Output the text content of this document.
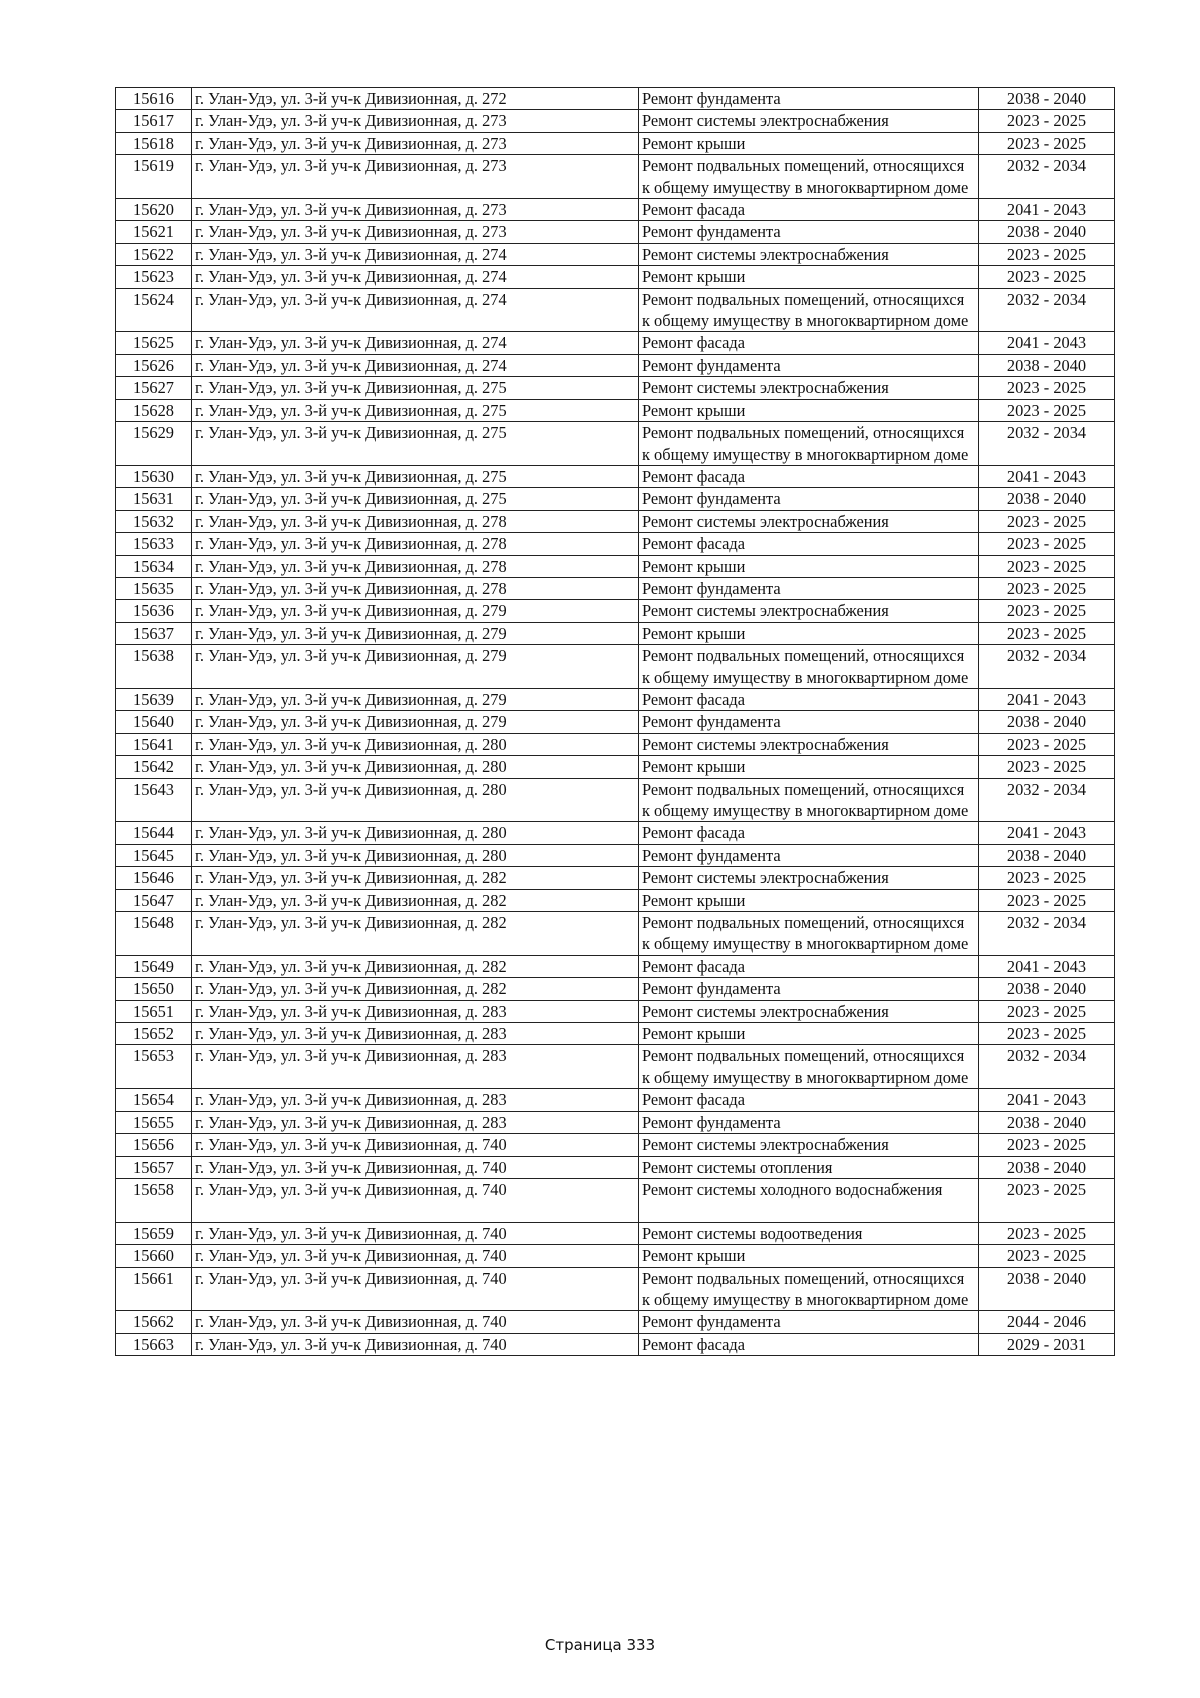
15616	г. Улан-Удэ, ул. 3-й уч-к Дивизионная, д. 272	Ремонт фундамента	2038 - 2040
15617	г. Улан-Удэ, ул. 3-й уч-к Дивизионная, д. 273	Ремонт системы электроснабжения	2023 - 2025
15618	г. Улан-Удэ, ул. 3-й уч-к Дивизионная, д. 273	Ремонт крыши	2023 - 2025
15619	г. Улан-Удэ, ул. 3-й уч-к Дивизионная, д. 273	Ремонт подвальных помещений, относящихся к общему имуществу в многоквартирном доме	2032 - 2034
15620	г. Улан-Удэ, ул. 3-й уч-к Дивизионная, д. 273	Ремонт фасада	2041 - 2043
15621	г. Улан-Удэ, ул. 3-й уч-к Дивизионная, д. 273	Ремонт фундамента	2038 - 2040
15622	г. Улан-Удэ, ул. 3-й уч-к Дивизионная, д. 274	Ремонт системы электроснабжения	2023 - 2025
15623	г. Улан-Удэ, ул. 3-й уч-к Дивизионная, д. 274	Ремонт крыши	2023 - 2025
15624	г. Улан-Удэ, ул. 3-й уч-к Дивизионная, д. 274	Ремонт подвальных помещений, относящихся к общему имуществу в многоквартирном доме	2032 - 2034
15625	г. Улан-Удэ, ул. 3-й уч-к Дивизионная, д. 274	Ремонт фасада	2041 - 2043
15626	г. Улан-Удэ, ул. 3-й уч-к Дивизионная, д. 274	Ремонт фундамента	2038 - 2040
15627	г. Улан-Удэ, ул. 3-й уч-к Дивизионная, д. 275	Ремонт системы электроснабжения	2023 - 2025
15628	г. Улан-Удэ, ул. 3-й уч-к Дивизионная, д. 275	Ремонт крыши	2023 - 2025
15629	г. Улан-Удэ, ул. 3-й уч-к Дивизионная, д. 275	Ремонт подвальных помещений, относящихся к общему имуществу в многоквартирном доме	2032 - 2034
15630	г. Улан-Удэ, ул. 3-й уч-к Дивизионная, д. 275	Ремонт фасада	2041 - 2043
15631	г. Улан-Удэ, ул. 3-й уч-к Дивизионная, д. 275	Ремонт фундамента	2038 - 2040
15632	г. Улан-Удэ, ул. 3-й уч-к Дивизионная, д. 278	Ремонт системы электроснабжения	2023 - 2025
15633	г. Улан-Удэ, ул. 3-й уч-к Дивизионная, д. 278	Ремонт фасада	2023 - 2025
15634	г. Улан-Удэ, ул. 3-й уч-к Дивизионная, д. 278	Ремонт крыши	2023 - 2025
15635	г. Улан-Удэ, ул. 3-й уч-к Дивизионная, д. 278	Ремонт фундамента	2023 - 2025
15636	г. Улан-Удэ, ул. 3-й уч-к Дивизионная, д. 279	Ремонт системы электроснабжения	2023 - 2025
15637	г. Улан-Удэ, ул. 3-й уч-к Дивизионная, д. 279	Ремонт крыши	2023 - 2025
15638	г. Улан-Удэ, ул. 3-й уч-к Дивизионная, д. 279	Ремонт подвальных помещений, относящихся к общему имуществу в многоквартирном доме	2032 - 2034
15639	г. Улан-Удэ, ул. 3-й уч-к Дивизионная, д. 279	Ремонт фасада	2041 - 2043
15640	г. Улан-Удэ, ул. 3-й уч-к Дивизионная, д. 279	Ремонт фундамента	2038 - 2040
15641	г. Улан-Удэ, ул. 3-й уч-к Дивизионная, д. 280	Ремонт системы электроснабжения	2023 - 2025
15642	г. Улан-Удэ, ул. 3-й уч-к Дивизионная, д. 280	Ремонт крыши	2023 - 2025
15643	г. Улан-Удэ, ул. 3-й уч-к Дивизионная, д. 280	Ремонт подвальных помещений, относящихся к общему имуществу в многоквартирном доме	2032 - 2034
15644	г. Улан-Удэ, ул. 3-й уч-к Дивизионная, д. 280	Ремонт фасада	2041 - 2043
15645	г. Улан-Удэ, ул. 3-й уч-к Дивизионная, д. 280	Ремонт фундамента	2038 - 2040
15646	г. Улан-Удэ, ул. 3-й уч-к Дивизионная, д. 282	Ремонт системы электроснабжения	2023 - 2025
15647	г. Улан-Удэ, ул. 3-й уч-к Дивизионная, д. 282	Ремонт крыши	2023 - 2025
15648	г. Улан-Удэ, ул. 3-й уч-к Дивизионная, д. 282	Ремонт подвальных помещений, относящихся к общему имуществу в многоквартирном доме	2032 - 2034
15649	г. Улан-Удэ, ул. 3-й уч-к Дивизионная, д. 282	Ремонт фасада	2041 - 2043
15650	г. Улан-Удэ, ул. 3-й уч-к Дивизионная, д. 282	Ремонт фундамента	2038 - 2040
15651	г. Улан-Удэ, ул. 3-й уч-к Дивизионная, д. 283	Ремонт системы электроснабжения	2023 - 2025
15652	г. Улан-Удэ, ул. 3-й уч-к Дивизионная, д. 283	Ремонт крыши	2023 - 2025
15653	г. Улан-Удэ, ул. 3-й уч-к Дивизионная, д. 283	Ремонт подвальных помещений, относящихся к общему имуществу в многоквартирном доме	2032 - 2034
15654	г. Улан-Удэ, ул. 3-й уч-к Дивизионная, д. 283	Ремонт фасада	2041 - 2043
15655	г. Улан-Удэ, ул. 3-й уч-к Дивизионная, д. 283	Ремонт фундамента	2038 - 2040
15656	г. Улан-Удэ, ул. 3-й уч-к Дивизионная, д. 740	Ремонт системы электроснабжения	2023 - 2025
15657	г. Улан-Удэ, ул. 3-й уч-к Дивизионная, д. 740	Ремонт системы отопления	2038 - 2040
15658	г. Улан-Удэ, ул. 3-й уч-к Дивизионная, д. 740	Ремонт системы холодного водоснабжения	2023 - 2025
15659	г. Улан-Удэ, ул. 3-й уч-к Дивизионная, д. 740	Ремонт системы водоотведения	2023 - 2025
15660	г. Улан-Удэ, ул. 3-й уч-к Дивизионная, д. 740	Ремонт крыши	2023 - 2025
15661	г. Улан-Удэ, ул. 3-й уч-к Дивизионная, д. 740	Ремонт подвальных помещений, относящихся к общему имуществу в многоквартирном доме	2038 - 2040
15662	г. Улан-Удэ, ул. 3-й уч-к Дивизионная, д. 740	Ремонт фундамента	2044 - 2046
15663	г. Улан-Удэ, ул. 3-й уч-к Дивизионная, д. 740	Ремонт фасада	2029 - 2031
Страница 333
